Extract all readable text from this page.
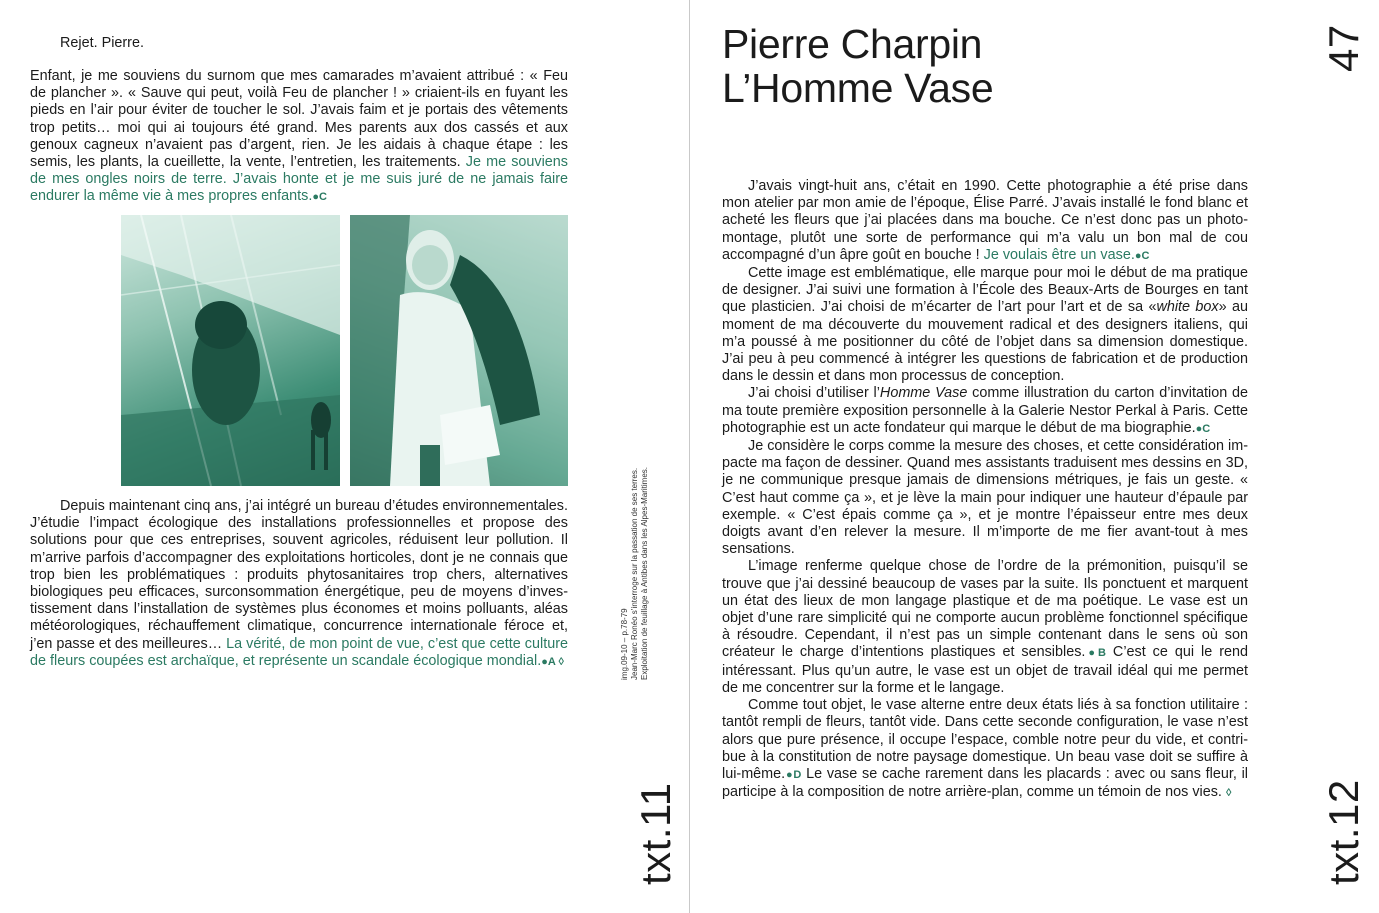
Rejet. Pierre.

Enfant, je me souviens du surnom que mes camarades m’avaient attribué : « Feu de plancher ». « Sauve qui peut, voilà Feu de plancher ! » criaient-ils en fuyant les pieds en l’air pour éviter de toucher le sol. J’avais faim et je portais des vêtements trop petits… moi qui ai toujours été grand. Mes parents aux dos cassés et aux genoux cagneux n’avaient pas d’argent, rien. Je les aidais à chaque étape : les semis, les plants, la cueillette, la vente, l’entretien, les traitements. Je me souviens de mes ongles noirs de terre. J’avais honte et je me suis juré de ne jamais faire endurer la même vie à mes propres enfants.●C

Depuis maintenant cinq ans, j’ai intégré un bureau d’études environnementales. J’étudie l’impact écologique des installations professionnelles et propose des solutions pour que ces entreprises, souvent agricoles, réduisent leur pollution. Il m’arrive parfois d’accompagner des exploitations horticoles, dont je ne connais que trop bien les problématiques : produits phytosanitaires trop chers, alternatives biologiques peu efficaces, surconsommation énergétique, peu de moyens d’investissement dans l’installation de systèmes plus économes et moins polluants, aléas météorologiques, réchauffement climatique, concurrence internationale féroce et, j’en passe et des meilleures… La vérité, de mon point de vue, c’est que cette culture de fleurs coupées est archaïque, et représente un scandale écologique mondial.●A ◊	img.09-10 – p.78-79 Jean-Marc Ronéo s’interroge sur la passation de ses terres. Exploitation de feuillage à Antibes dans les Alpes-Maritimes.
txt.11
Pierre Charpin
L’Homme Vase
47

J’avais vingt-huit ans, c’était en 1990. Cette photographie a été prise dans mon atelier par mon amie de l’époque, Élise Parré. J’avais installé le fond blanc et acheté les fleurs que j’ai placées dans ma bouche. Ce n’est donc pas un photo-montage, plutôt une sorte de performance qui m’a valu un bon mal de cou accompagné d’un âpre goût en bouche ! Je voulais être un vase.●C

Cette image est emblématique, elle marque pour moi le début de ma pratique de designer. J’ai suivi une formation à l’École des Beaux-Arts de Bourges en tant que plasticien. J’ai choisi de m’écarter de l’art pour l’art et de sa «white box» au moment de ma découverte du mouvement radical et des designers italiens, qui m’a poussé à me positionner du côté de l’objet dans sa dimension domestique. J’ai peu à peu commencé à intégrer les questions de fabrication et de production dans le dessin et dans mon processus de conception.

J’ai choisi d’utiliser l’Homme Vase comme illustration du carton d’invitation de ma toute première exposition personnelle à la Galerie Nestor Perkal à Paris. Cette photographie est un acte fondateur qui marque le début de ma biographie.●C

Je considère le corps comme la mesure des choses, et cette considération impacte ma façon de dessiner. Quand mes assistants traduisent mes dessins en 3D, je ne communique presque jamais de dimensions métriques, je fais un geste. « C’est haut comme ça », et je lève la main pour indiquer une hauteur d’épaule par exemple. « C’est épais comme ça », et je montre l’épaisseur entre mes deux doigts avant d’en relever la mesure. Il m’importe de me fier avant-tout à mes sensations.

L’image renferme quelque chose de l’ordre de la prémonition, puisqu’il se trouve que j’ai dessiné beaucoup de vases par la suite. Ils ponctuent et marquent un état des lieux de mon langage plastique et de ma poétique. Le vase est un objet d’une rare simplicité qui ne comporte aucun problème fonctionnel spécifique à résoudre. Cependant, il n’est pas un simple contenant dans le sens où son créateur le charge d’intentions plastiques et sensibles.●B C’est ce qui le rend intéressant. Plus qu’un autre, le vase est un objet de travail idéal qui me permet de me concentrer sur la forme et le langage.

Comme tout objet, le vase alterne entre deux états liés à sa fonction utilitaire : tantôt rempli de fleurs, tantôt vide. Dans cette seconde configuration, le vase n’est alors que pure présence, il occupe l’espace, comble notre peur du vide, et contribue à la constitution de notre paysage domestique. Un beau vase doit se suffire à lui-même.●D Le vase se cache rarement dans les placards : avec ou sans fleur, il participe à la composition de notre arrière-plan, comme un témoin de nos vies. ◊	txt.12
